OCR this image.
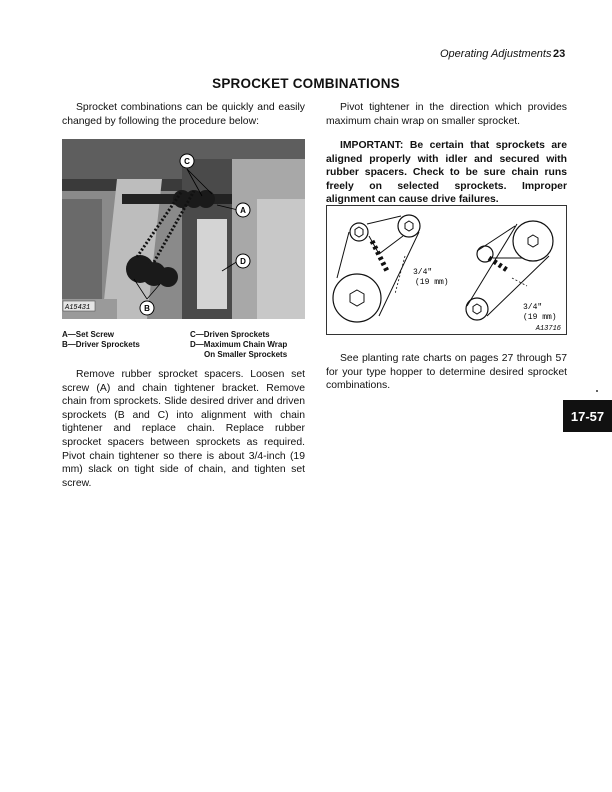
Operating Adjustments 23
SPROCKET COMBINATIONS
Sprocket combinations can be quickly and easily changed by following the procedure below:
C
A
D
B
A15431
A—Set Screw
B—Driver Sprockets
C—Driven Sprockets
D—Maximum Chain Wrap
On Smaller Sprockets
Remove rubber sprocket spacers. Loosen set screw (A) and chain tightener bracket. Remove chain from sprockets. Slide desired driver and driven sprockets (B and C) into alignment with chain tightener and replace chain. Replace rubber sprocket spacers between sprockets as required. Pivot chain tightener so there is about 3/4-inch (19 mm) slack on tight side of chain, and tighten set screw.
Pivot tightener in the direction which provides maximum chain wrap on smaller sprocket.
IMPORTANT: Be certain that sprockets are aligned properly with idler and secured with rubber spacers. Check to be sure chain runs freely on selected sprockets. Improper alignment can cause drive failures.
3/4"
(19 mm)
3/4"
(19 mm)
A13716
See planting rate charts on pages 27 through 57 for your type hopper to determine desired sprocket combinations.
17-57
